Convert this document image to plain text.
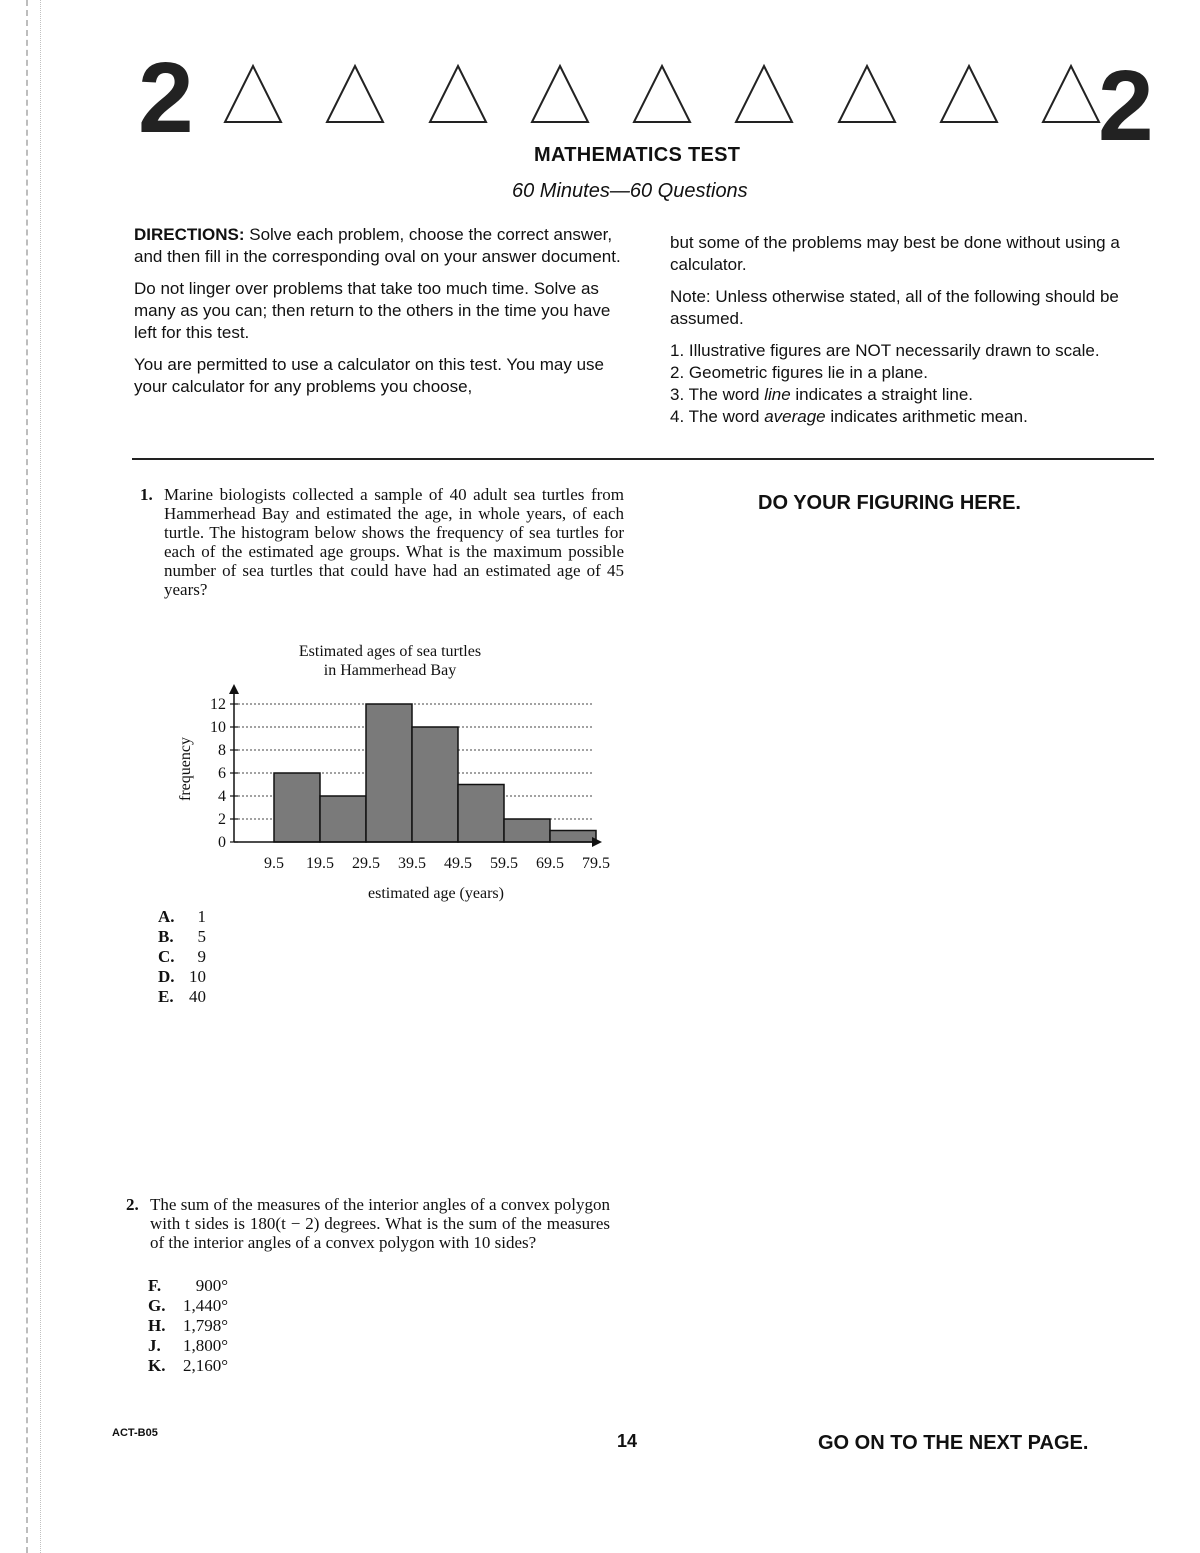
2	2
MATHEMATICS TEST
60 Minutes—60 Questions

DIRECTIONS: Solve each problem, choose the correct answer, and then fill in the corresponding oval on your answer document.

Do not linger over problems that take too much time. Solve as many as you can; then return to the others in the time you have left for this test.

You are permitted to use a calculator on this test. You may use your calculator for any problems you choose,

but some of the problems may best be done without using a calculator.

Note: Unless otherwise stated, all of the following should be assumed.

1. Illustrative figures are NOT necessarily drawn to scale.
2. Geometric figures lie in a plane.
3. The word line indicates a straight line.
4. The word average indicates arithmetic mean.
DO YOUR FIGURING HERE.
1. Marine biologists collected a sample of 40 adult sea turtles from Hammerhead Bay and estimated the age, in whole years, of each turtle. The histogram below shows the frequency of sea turtles for each of the estimated age groups. What is the maximum possible number of sea turtles that could have had an estimated age of 45 years?
Estimated ages of sea turtles
in Hammerhead Bay
0
2
4
6
8
10
12
9.5 19.5 29.5 39.5 49.5 59.5 69.5 79.5
estimated age (years)
frequency
A.	1
B.	5
C.	9
D. 10
E. 40
2. The sum of the measures of the interior angles of a convex polygon with t sides is 180(t − 2) degrees. What is the sum of the measures of the interior angles of a convex polygon with 10 sides?
F.	900°
G.	1,440°
H.	1,798°
J.	1,800°
K.	2,160°
ACT-B05	14	GO ON TO THE NEXT PAGE.
